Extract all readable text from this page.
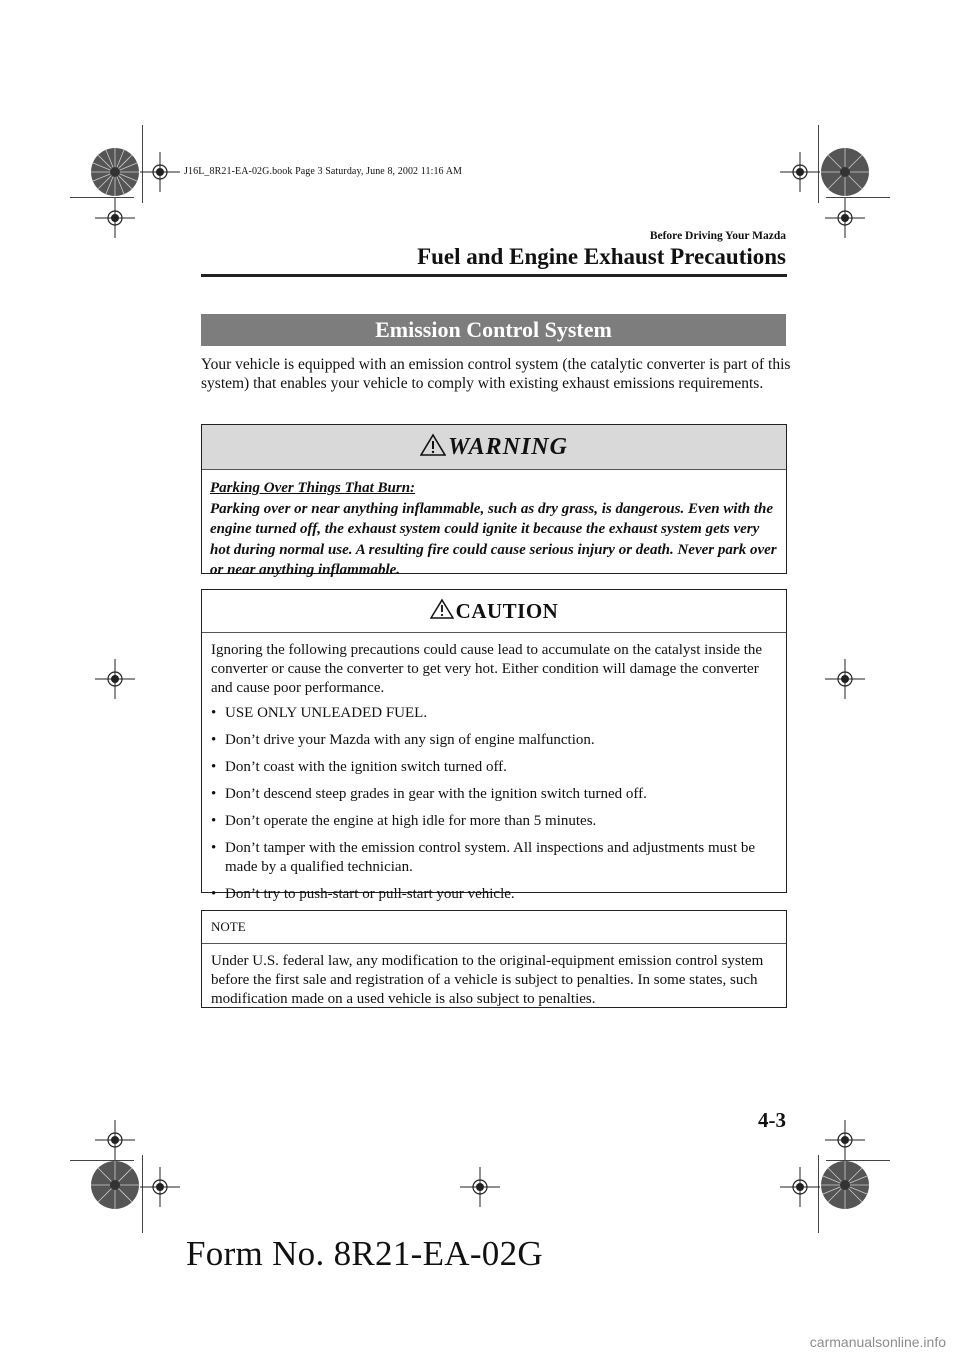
J16L_8R21-EA-02G.book Page 3 Saturday, June 8, 2002 11:16 AM
Before Driving Your Mazda
Fuel and Engine Exhaust Precautions
Emission Control System
Your vehicle is equipped with an emission control system (the catalytic converter is part of this system) that enables your vehicle to comply with existing exhaust emissions requirements.
WARNING
Parking Over Things That Burn:
Parking over or near anything inflammable, such as dry grass, is dangerous. Even with the engine turned off, the exhaust system could ignite it because the exhaust system gets very hot during normal use. A resulting fire could cause serious injury or death. Never park over or near anything inflammable.
CAUTION
Ignoring the following precautions could cause lead to accumulate on the catalyst inside the converter or cause the converter to get very hot. Either condition will damage the converter and cause poor performance.
• USE ONLY UNLEADED FUEL.
• Don’t drive your Mazda with any sign of engine malfunction.
• Don’t coast with the ignition switch turned off.
• Don’t descend steep grades in gear with the ignition switch turned off.
• Don’t operate the engine at high idle for more than 5 minutes.
• Don’t tamper with the emission control system. All inspections and adjustments must be made by a qualified technician.
• Don’t try to push-start or pull-start your vehicle.
NOTE
Under U.S. federal law, any modification to the original-equipment emission control system before the first sale and registration of a vehicle is subject to penalties. In some states, such modification made on a used vehicle is also subject to penalties.
4-3
Form No. 8R21-EA-02G
carmanualsonline.info
